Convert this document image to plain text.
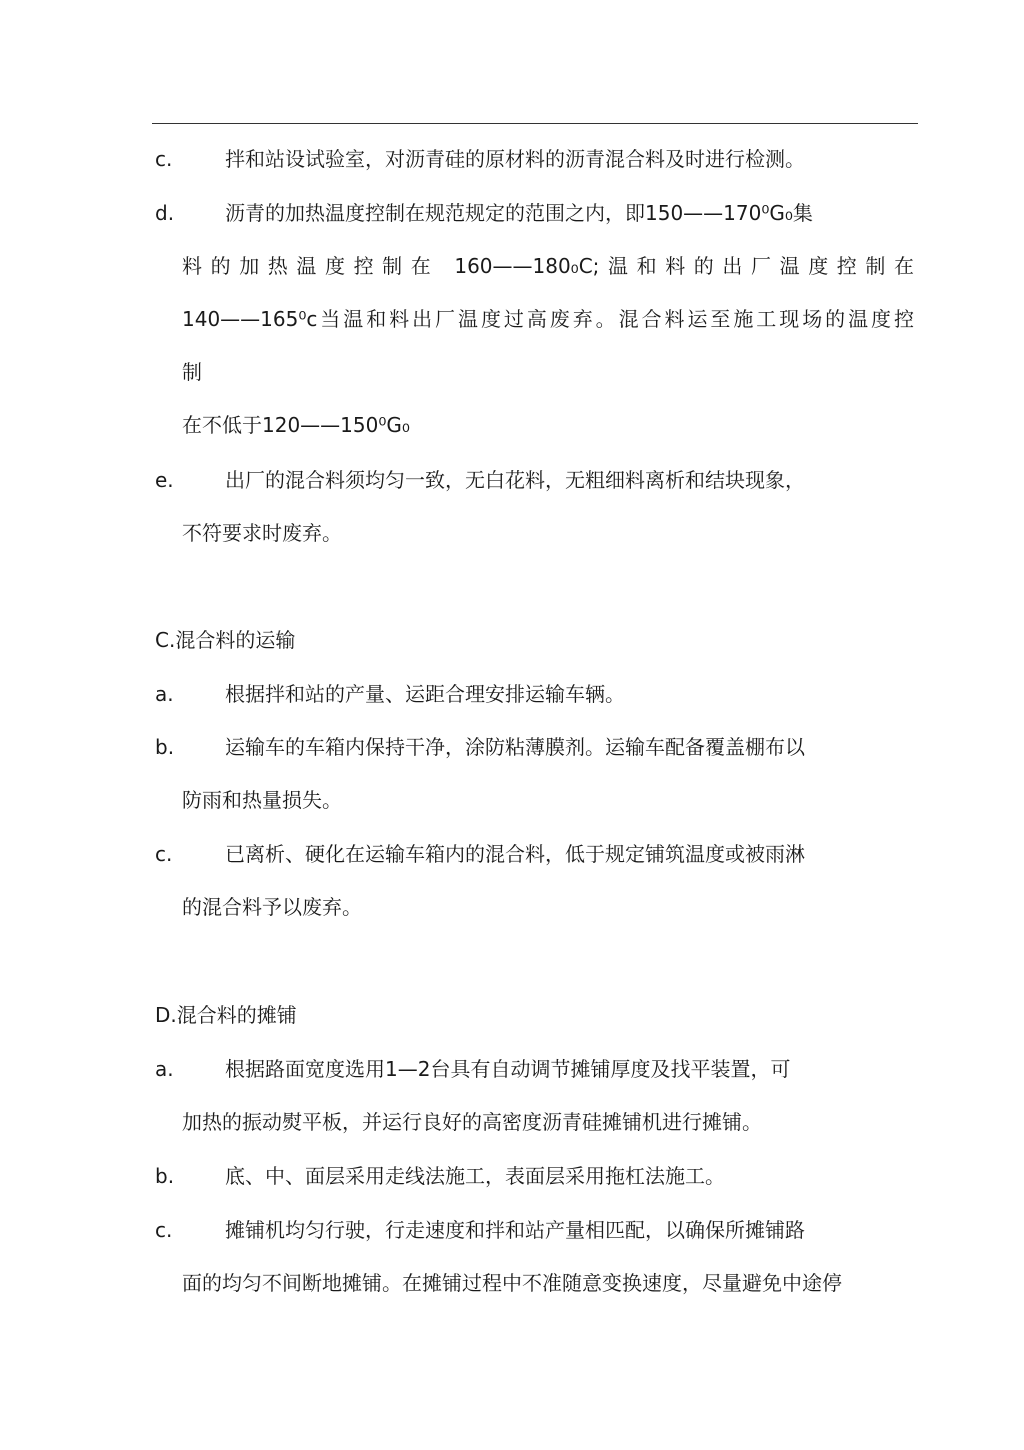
c.	拌和站设试验室，对沥青硅的原材料的沥青混合料及时进行检测。
d.	沥青的加热温度控制在规范规定的范围之内，即150——170⁰G₀集
料的加热温度控制在 160——180₀C;温和料的出厂温度控制在
140——165⁰c当温和料出厂温度过高废弃。混合料运至施工现场的温度控
制
在不低于120——150⁰G₀
e.	出厂的混合料须均匀一致，无白花料，无粗细料离析和结块现象，
不符要求时废弃。
C.混合料的运输
a.	根据拌和站的产量、运距合理安排运输车辆。
b.	运输车的车箱内保持干净，涂防粘薄膜剂。运输车配备覆盖棚布以
防雨和热量损失。
c.	已离析、硬化在运输车箱内的混合料，低于规定铺筑温度或被雨淋
的混合料予以废弃。
D.混合料的摊铺
a.	根据路面宽度选用1—2台具有自动调节摊铺厚度及找平装置，可
加热的振动熨平板，并运行良好的高密度沥青硅摊铺机进行摊铺。
b.	底、中、面层采用走线法施工，表面层采用拖杠法施工。
c.	摊铺机均匀行驶，行走速度和拌和站产量相匹配，以确保所摊铺路
面的均匀不间断地摊铺。在摊铺过程中不准随意变换速度，尽量避免中途停
